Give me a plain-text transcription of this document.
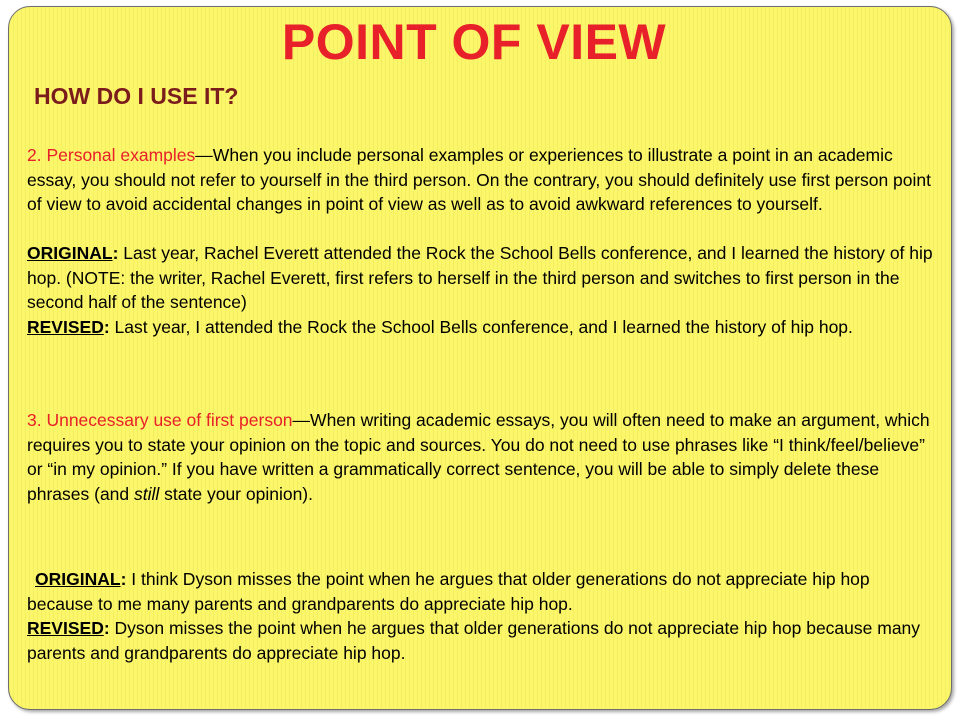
POINT OF VIEW
HOW DO I USE IT?
2. Personal examples—When you include personal examples or experiences to illustrate a point in an academic essay, you should not refer to yourself in the third person. On the contrary, you should definitely use first person point of view to avoid accidental changes in point of view as well as to avoid awkward references to yourself.
ORIGINAL: Last year, Rachel Everett attended the Rock the School Bells conference, and I learned the history of hip hop. (NOTE: the writer, Rachel Everett, first refers to herself in the third person and switches to first person in the second half of the sentence)
REVISED: Last year, I attended the Rock the School Bells conference, and I learned the history of hip hop.
3. Unnecessary use of first person—When writing academic essays, you will often need to make an argument, which requires you to state your opinion on the topic and sources. You do not need to use phrases like “I think/feel/believe” or “in my opinion.” If you have written a grammatically correct sentence, you will be able to simply delete these phrases (and still state your opinion).
ORIGINAL: I think Dyson misses the point when he argues that older generations do not appreciate hip hop because to me many parents and grandparents do appreciate hip hop.
REVISED: Dyson misses the point when he argues that older generations do not appreciate hip hop because many parents and grandparents do appreciate hip hop.
